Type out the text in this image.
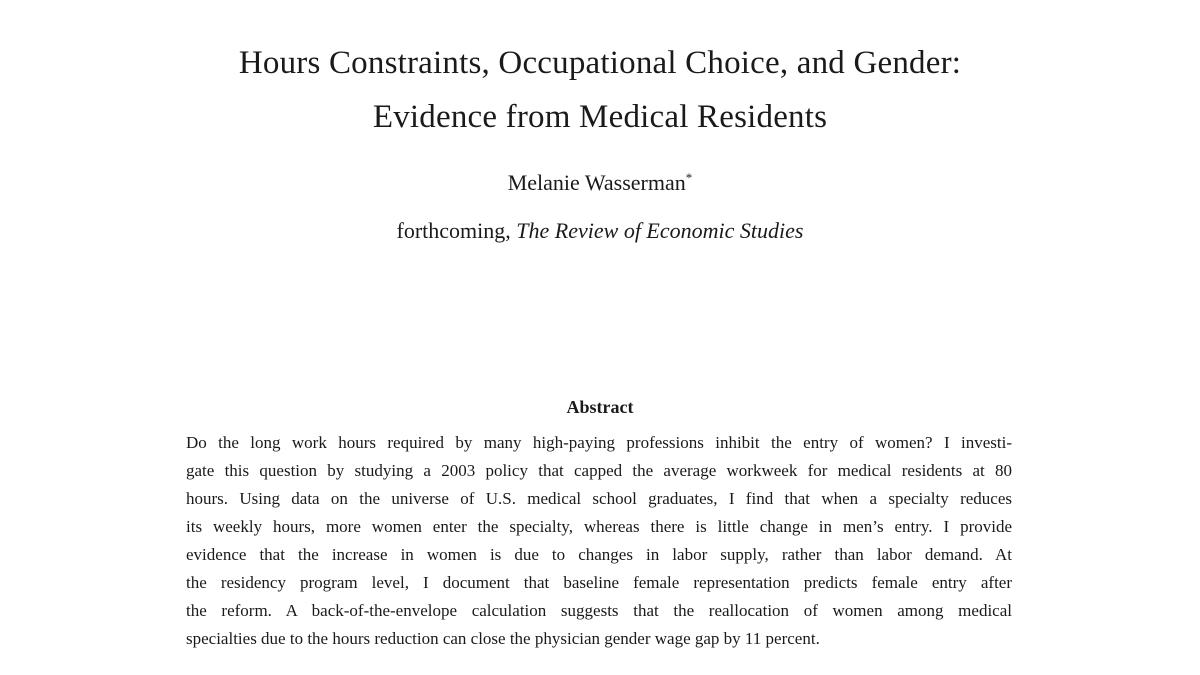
Hours Constraints, Occupational Choice, and Gender:
Evidence from Medical Residents
Melanie Wasserman*
forthcoming, The Review of Economic Studies
Abstract
Do the long work hours required by many high-paying professions inhibit the entry of women? I investi-
gate this question by studying a 2003 policy that capped the average workweek for medical residents at 80
hours. Using data on the universe of U.S. medical school graduates, I find that when a specialty reduces
its weekly hours, more women enter the specialty, whereas there is little change in men’s entry. I provide
evidence that the increase in women is due to changes in labor supply, rather than labor demand. At
the residency program level, I document that baseline female representation predicts female entry after
the reform. A back-of-the-envelope calculation suggests that the reallocation of women among medical
specialties due to the hours reduction can close the physician gender wage gap by 11 percent.
